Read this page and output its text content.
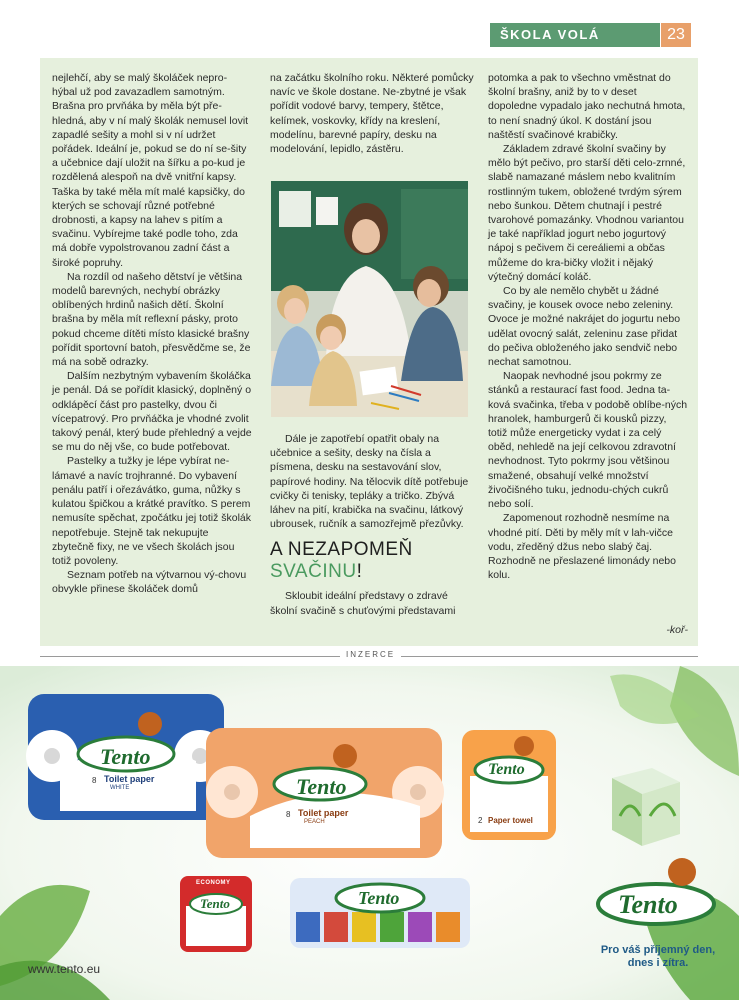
ŠKOLA VOLÁ	23

nejlehčí, aby se malý školáček nepro-hýbal už pod zavazadlem samotným. Brašna pro prvňáka by měla být pře-hledná, aby v ní malý školák nemusel lovit zapadlé sešity a mohl si v ní udržet pořádek. Ideální je, pokud se do ní se-šity a učebnice dají uložit na šířku a po-kud je rozdělená alespoň na dvě vnitřní kapsy. Taška by také měla mít malé kapsičky, do kterých se schovají různé potřebné drobnosti, a kapsy na lahev s pitím a svačinu. Vybírejme také podle toho, zda má dobře vypolstrovanou zadní část a široké popruhy.

Na rozdíl od našeho dětství je většina modelů barevných, nechybí obrázky oblíbených hrdinů našich dětí. Školní brašna by měla mít reflexní pásky, proto pokud chceme dítěti místo klasické brašny pořídit sportovní batoh, přesvědčme se, že má na sobě odrazky.

Dalším nezbytným vybavením školáčka je penál. Dá se pořídit klasický, doplněný o odklápěcí část pro pastelky, dvou či vícepatrový. Pro prvňáčka je vhodné zvolit takový penál, který bude přehledný a vejde se mu do něj vše, co bude potřebovat.

Pastelky a tužky je lépe vybírat ne-lámavé a navíc trojhranné. Do vybavení penálu patří i ořezávátko, guma, nůžky s kulatou špičkou a krátké pravítko. S perem nemusíte spěchat, zpočátku jej totiž školák nepotřebuje. Stejně tak nekupujte zbytečně fixy, ne ve všech školách jsou totiž povoleny.

Seznam potřeb na výtvarnou vý-chovu obvykle přinese školáček domů

na začátku školního roku. Některé pomůcky navíc ve škole dostane. Ne-zbytné je však pořídit vodové barvy, tempery, štětce, kelímek, voskovky, křídy na kreslení, modelínu, barevné papíry, desku na modelování, lepidlo, zástěru.

Dále je zapotřebí opatřit obaly na učebnice a sešity, desky na čísla a písmena, desku na sestavování slov, papírové hodiny. Na tělocvik dítě potřebuje cvičky či tenisky, tepláky a tričko. Zbývá láhev na pití, krabička na svačinu, látkový ubrousek, ručník a samozřejmě přezůvky.

A NEZAPOMEŇ
SVAČINU!

Skloubit ideální představy o zdravé školní svačině s chuťovými představami

potomka a pak to všechno vměstnat do školní brašny, aniž by to v deset dopoledne vypadalo jako nechutná hmota, to není snadný úkol. K dostání jsou naštěstí svačinové krabičky.

Základem zdravé školní svačiny by mělo být pečivo, pro starší děti celo-zrnné, slabě namazané máslem nebo kvalitním rostlinným tukem, obložené tvrdým sýrem nebo šunkou. Dětem chutnají i pestré tvarohové pomazánky. Vhodnou variantou je také například jogurt nebo jogurtový nápoj s pečivem či cereáliemi a občas můžeme do kra-bičky vložit i nějaký výtečný domácí koláč.

Co by ale nemělo chybět u žádné svačiny, je kousek ovoce nebo zeleniny. Ovoce je možné nakrájet do jogurtu nebo udělat ovocný salát, zeleninu zase přidat do pečiva obloženého jako sendvič nebo nechat samotnou.

Naopak nevhodné jsou pokrmy ze stánků a restaurací fast food. Jedna ta-ková svačinka, třeba v podobě oblíbe-ných hranolek, hamburgerů či kousků pizzy, totiž může energeticky vydat i za celý oběd, nehledě na její celkovou zdravotní nevhodnost. Tyto pokrmy jsou většinou smažené, obsahují velké množství živočišného tuku, jednodu-chých cukrů nebo solí.

Zapomenout rozhodně nesmíme na vhodné pití. Děti by měly mít v lah-vičce vodu, zředěný džus nebo slabý čaj. Rozhodně ne přeslazené limonády nebo kolu.

-koř-
INZERCE
Tento
Tento
Tento
Tento	Tento	Tento
8 Toilet paper
WHITE
8 Toilet paper
PEACH	2 Paper towel
ECONOMY
www.tento.eu
Pro váš příjemný den,
dnes i zítra.
